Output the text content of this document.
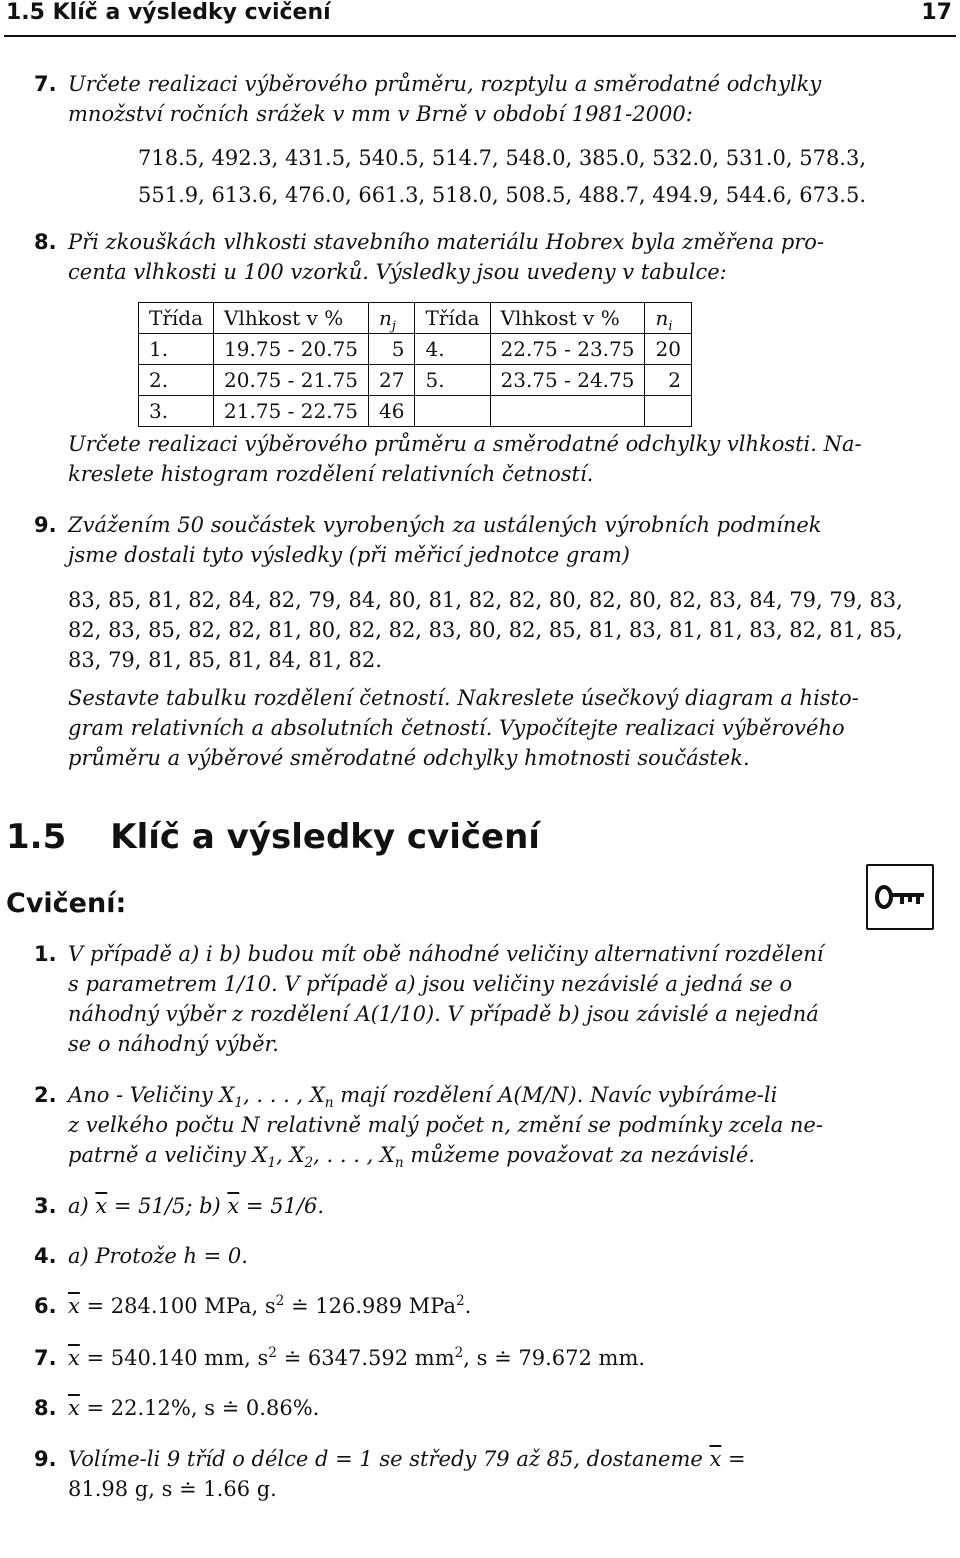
1.5 Klíč a výsledky cvičení	17
7. Určete realizaci výběrového průměru, rozptylu a směrodatné odchylky
množství ročních srážek v mm v Brně v období 1981-2000:
718.5, 492.3, 431.5, 540.5, 514.7, 548.0, 385.0, 532.0, 531.0, 578.3,
551.9, 613.6, 476.0, 661.3, 518.0, 508.5, 488.7, 494.9, 544.6, 673.5.
8. Při zkouškách vlhkosti stavebního materiálu Hobrex byla změřena pro-
centa vlhkosti u 100 vzorků. Výsledky jsou uvedeny v tabulce:
Třída	Vlhkost v %	$n_j$	Třída	Vlhkost v %	$n_i$
1.	19.75 - 20.75	5	4.	22.75 - 23.75	20
2.	20.75 - 21.75	27	5.	23.75 - 24.75	2
3.	21.75 - 22.75	46			
Určete realizaci výběrového průměru a směrodatné odchylky vlhkosti. Na-
kreslete histogram rozdělení relativních četností.
9. Zvážením 50 součástek vyrobených za ustálených výrobních podmínek
jsme dostali tyto výsledky (při měřicí jednotce gram)
83, 85, 81, 82, 84, 82, 79, 84, 80, 81, 82, 82, 80, 82, 80, 82, 83, 84, 79, 79, 83,
82, 83, 85, 82, 82, 81, 80, 82, 82, 83, 80, 82, 85, 81, 83, 81, 81, 83, 82, 81, 85,
83, 79, 81, 85, 81, 84, 81, 82.
Sestavte tabulku rozdělení četností. Nakreslete úsečkový diagram a histo-
gram relativních a absolutních četností. Vypočítejte realizaci výběrového
průměru a výběrové směrodatné odchylky hmotnosti součástek.
1.5 Klíč a výsledky cvičení
Cvičení:
1. V případě a) i b) budou mít obě náhodné veličiny alternativní rozdělení
s parametrem 1/10. V případě a) jsou veličiny nezávislé a jedná se o
náhodný výběr z rozdělení A(1/10). V případě b) jsou závislé a nejedná
se o náhodný výběr.
2. Ano - Veličiny $X_1$, . . . , $X_n$ mají rozdělení A(M/N). Navíc vybíráme-li
z velkého počtu N relativně malý počet n, změní se podmínky zcela ne-
patrně a veličiny $X_1$, $X_2$, . . . , $X_n$ můžeme považovat za nezávislé.
3. a) $\overline{x} = 51/5$; b) $\overline{x} = 51/6$.
4. a) Protože h = 0.
6. $\overline{x} = 284.100$ MPa, $s^2$ ≐ 126.989 MPa$^2$.
7. $\overline{x} = 540.140$ mm, $s^2$ ≐ 6347.592 $mm^2$, s ≐ 79.672 mm.
8. $\overline{x} = 22.12\%$, s ≐ 0.86%.
9. Volíme-li 9 tříd o délce d = 1 se středy 79 až 85, dostaneme $\overline{x}$ =
81.98 g, s ≐ 1.66 g.
